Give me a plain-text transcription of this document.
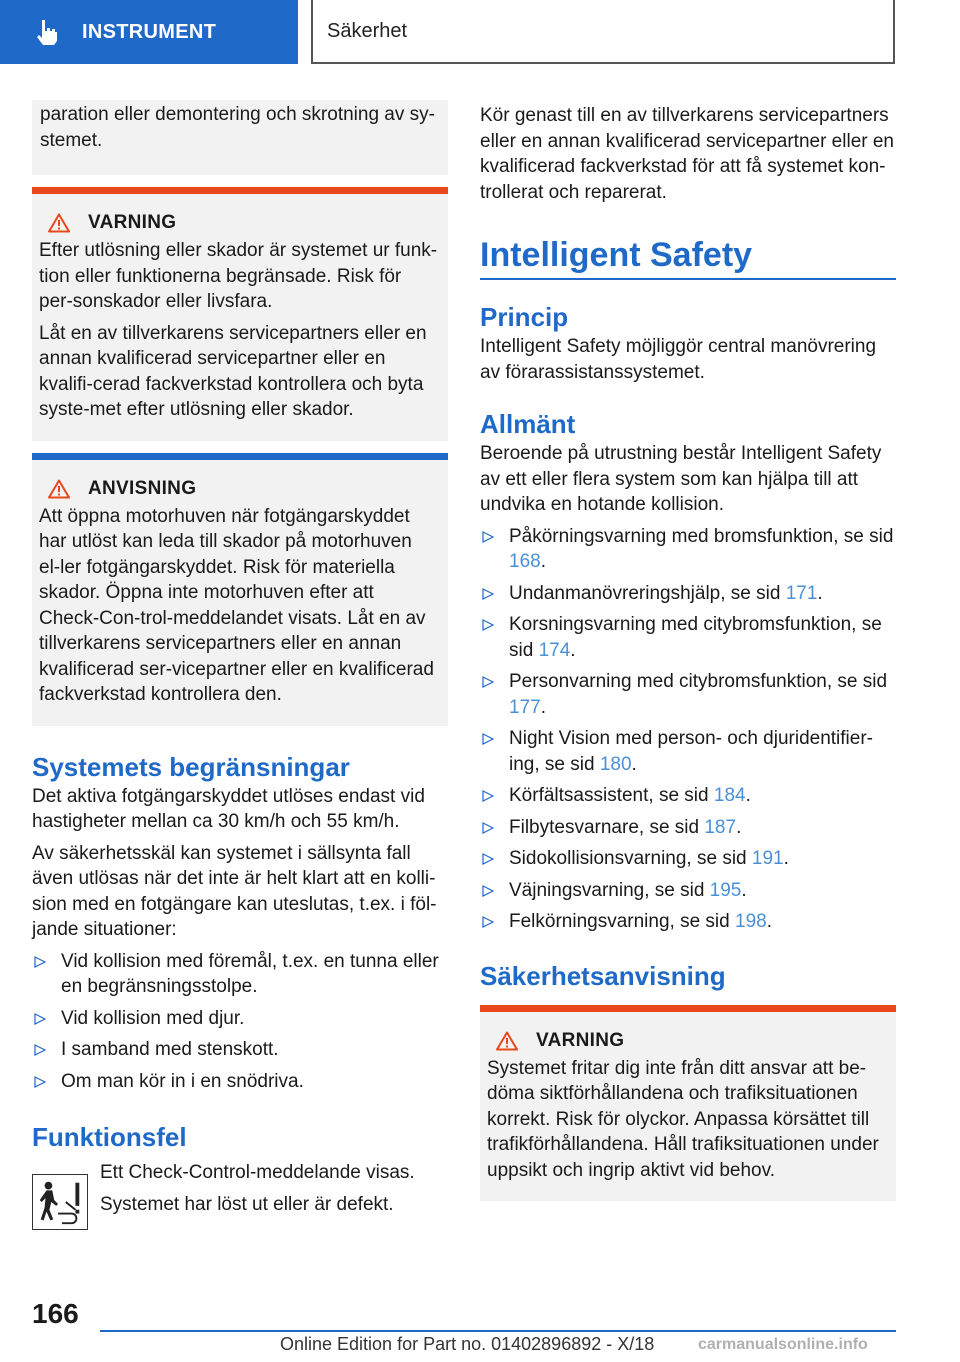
INSTRUMENT	Säkerhet

paration eller demontering och skrotning av sy-stemet.

VARNING

Efter utlösning eller skador är systemet ur funk-tion eller funktionerna begränsade. Risk för per-sonskador eller livsfara.

Låt en av tillverkarens servicepartners eller en annan kvalificerad servicepartner eller en kvalifi-cerad fackverkstad kontrollera och byta syste-met efter utlösning eller skador.

ANVISNING

Att öppna motorhuven när fotgängarskyddet har utlöst kan leda till skador på motorhuven el-ler fotgängarskyddet. Risk för materiella skador. Öppna inte motorhuven efter att Check-Con-trol-meddelandet visats. Låt en av tillverkarens servicepartners eller en annan kvalificerad ser-vicepartner eller en kvalificerad fackverkstad kontrollera den.

Systemets begränsningar

Det aktiva fotgängarskyddet utlöses endast vid hastigheter mellan ca 30 km/h och 55 km/h.

Av säkerhetsskäl kan systemet i sällsynta fall även utlösas när det inte är helt klart att en kolli-sion med en fotgängare kan uteslutas, t.ex. i föl-jande situationer:

Vid kollision med föremål, t.ex. en tunna eller en begränsningsstolpe.
Vid kollision med djur.
I samband med stenskott.
Om man kör in i en snödriva.
Funktionsfel

Ett Check-Control-meddelande visas.

Systemet har löst ut eller är defekt.

Kör genast till en av tillverkarens servicepartners eller en annan kvalificerad servicepartner eller en kvalificerad fackverkstad för att få systemet kon-trollerat och reparerat.

Intelligent Safety
Princip

Intelligent Safety möjliggör central manövrering av förarassistanssystemet.

Allmänt

Beroende på utrustning består Intelligent Safety av ett eller flera system som kan hjälpa till att undvika en hotande kollision.

Påkörningsvarning med bromsfunktion, se sid 168.
Undanmanövreringshjälp, se sid 171.
Korsningsvarning med citybromsfunktion, se sid 174.
Personvarning med citybromsfunktion, se sid 177.
Night Vision med person- och djuridentifier-ing, se sid 180.
Körfältsassistent, se sid 184.
Filbytesvarnare, se sid 187.
Sidokollisionsvarning, se sid 191.
Väjningsvarning, se sid 195.
Felkörningsvarning, se sid 198.
Säkerhetsanvisning
VARNING

Systemet fritar dig inte från ditt ansvar att be-döma siktförhållandena och trafiksituationen korrekt. Risk för olyckor. Anpassa körsättet till trafikförhållandena. Håll trafiksituationen under uppsikt och ingrip aktivt vid behov.

166
Online Edition for Part no. 01402896892 - X/18	carmanualsonline.info
